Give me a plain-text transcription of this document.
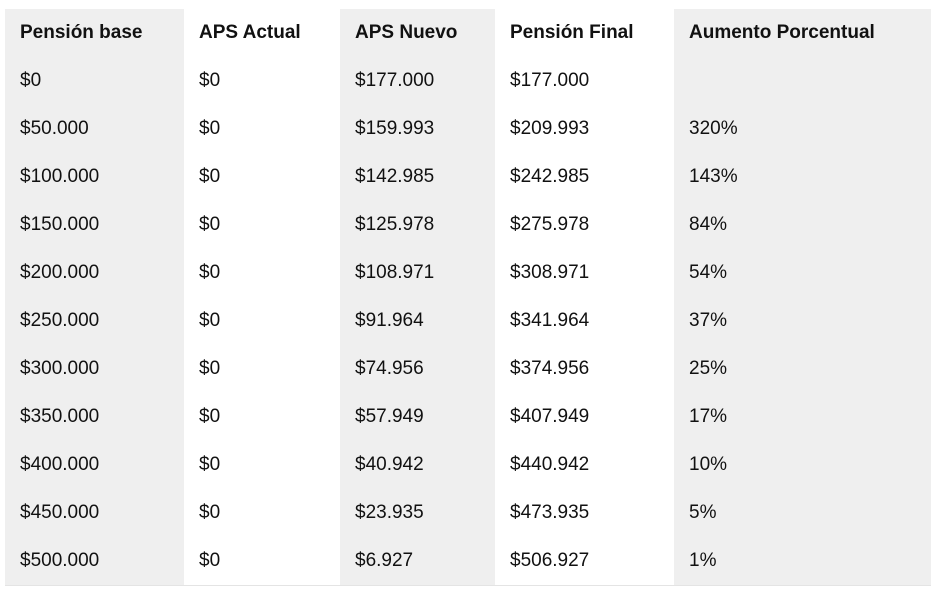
Pensión base	APS Actual	APS Nuevo	Pensión Final	Aumento Porcentual
$0	$0	$177.000	$177.000	
$50.000	$0	$159.993	$209.993	320%
$100.000	$0	$142.985	$242.985	143%
$150.000	$0	$125.978	$275.978	84%
$200.000	$0	$108.971	$308.971	54%
$250.000	$0	$91.964	$341.964	37%
$300.000	$0	$74.956	$374.956	25%
$350.000	$0	$57.949	$407.949	17%
$400.000	$0	$40.942	$440.942	10%
$450.000	$0	$23.935	$473.935	5%
$500.000	$0	$6.927	$506.927	1%
